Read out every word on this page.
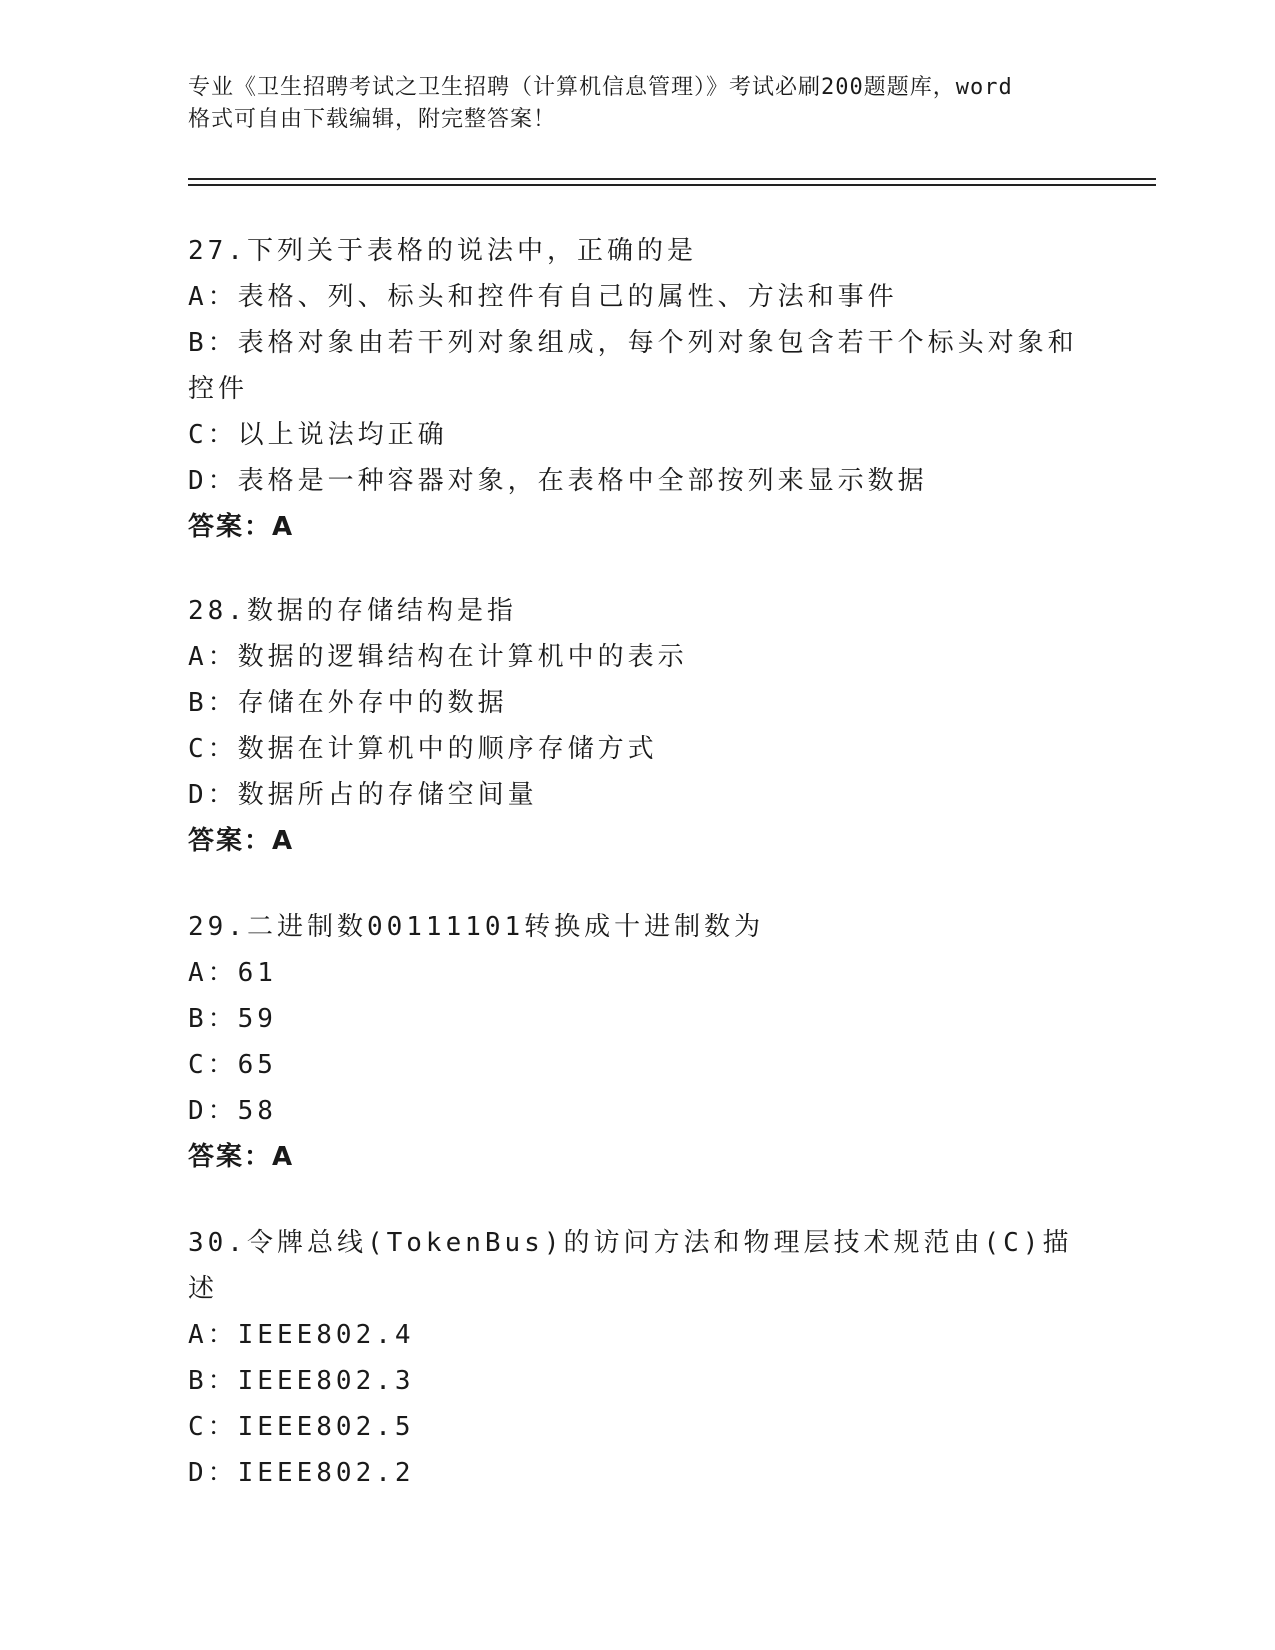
专业《卫生招聘考试之卫生招聘（计算机信息管理）》考试必刷200题题库，word
格式可自由下载编辑，附完整答案！
27.下列关于表格的说法中，正确的是
A：表格、列、标头和控件有自己的属性、方法和事件
B：表格对象由若干列对象组成，每个列对象包含若干个标头对象和控件
C：以上说法均正确
D：表格是一种容器对象，在表格中全部按列来显示数据
答案：A
28.数据的存储结构是指
A：数据的逻辑结构在计算机中的表示
B：存储在外存中的数据
C：数据在计算机中的顺序存储方式
D：数据所占的存储空间量
答案：A
29.二进制数00111101转换成十进制数为
A：61
B：59
C：65
D：58
答案：A
30.令牌总线(TokenBus)的访问方法和物理层技术规范由(C)描述
A：IEEE802.4
B：IEEE802.3
C：IEEE802.5
D：IEEE802.2
